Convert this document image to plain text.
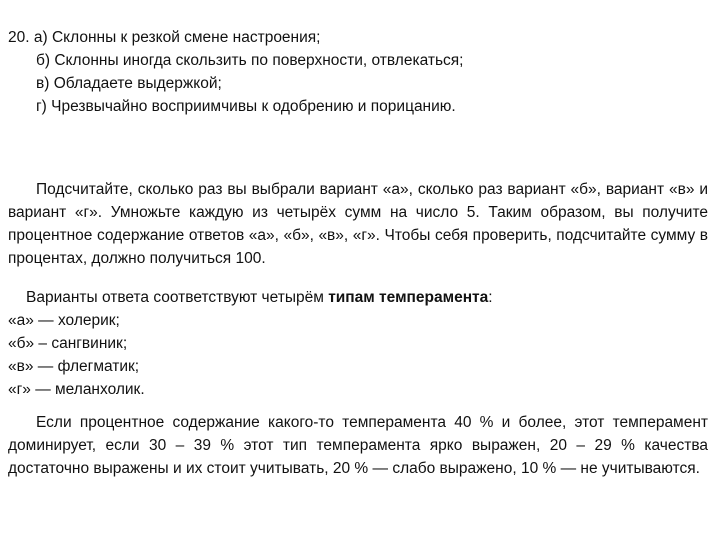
20. а) Склонны к резкой смене настроения;
б) Склонны иногда скользить по поверхности, отвлекаться;
в) Обладаете выдержкой;
г) Чрезвычайно восприимчивы к одобрению и порицанию.

Подсчитайте, сколько раз вы выбрали вариант «а», сколько раз вариант «б», вариант «в» и вариант «г». Умножьте каждую из четырёх сумм на число 5. Таким образом, вы получите процентное содержание ответов «а», «б», «в», «г». Чтобы себя проверить, подсчитайте сумму в процентах, должно получиться 100.

Варианты ответа соответствуют четырём типам темперамента:

«а» — холерик;

«б» – сангвиник;

«в» — флегматик;

«г» — меланхолик.

Если процентное содержание какого-то темперамента 40 % и более, этот темперамент доминирует, если 30 – 39 % этот тип темперамента ярко выражен, 20 – 29 % качества достаточно выражены и их стоит учитывать, 20 % — слабо выражено, 10 % — не учитываются.
